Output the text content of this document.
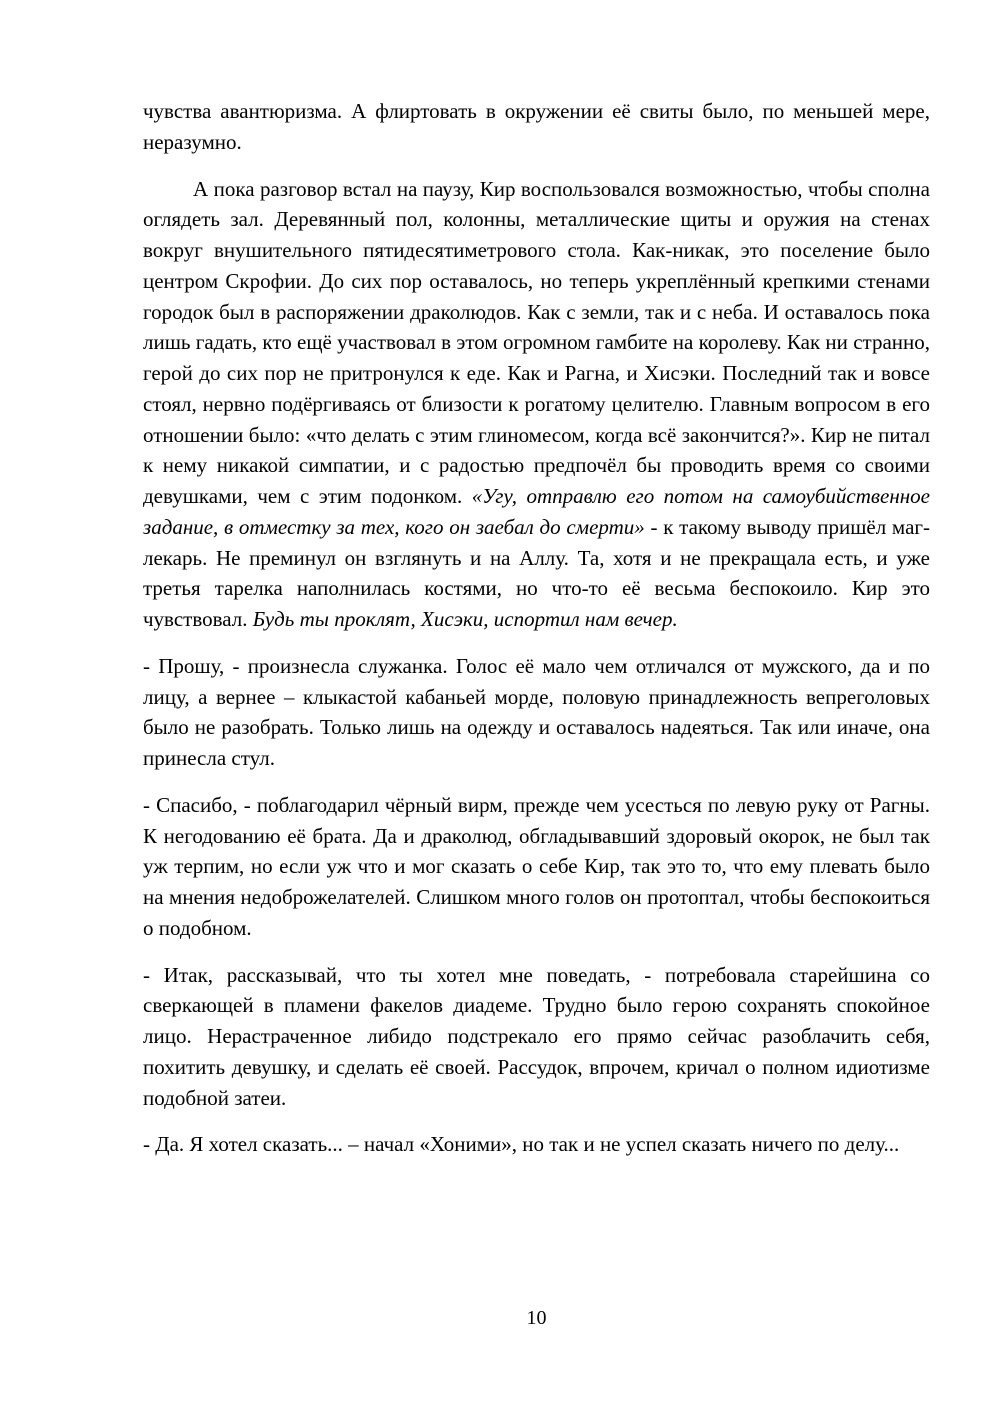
чувства авантюризма. А флиртовать в окружении её свиты было, по меньшей мере, неразумно.

А пока разговор встал на паузу, Кир воспользовался возможностью, чтобы сполна оглядеть зал. Деревянный пол, колонны, металлические щиты и оружия на стенах вокруг внушительного пятидесятиметрового стола. Как-никак, это поселение было центром Скрофии. До сих пор оставалось, но теперь укреплённый крепкими стенами городок был в распоряжении драколюдов. Как с земли, так и с неба. И оставалось пока лишь гадать, кто ещё участвовал в этом огромном гамбите на королеву. Как ни странно, герой до сих пор не притронулся к еде. Как и Рагна, и Хисэки. Последний так и вовсе стоял, нервно подёргиваясь от близости к рогатому целителю. Главным вопросом в его отношении было: «что делать с этим глиномесом, когда всё закончится?». Кир не питал к нему никакой симпатии, и с радостью предпочёл бы проводить время со своими девушками, чем с этим подонком. «Угу, отправлю его потом на самоубийственное задание, в отместку за тех, кого он заебал до смерти» - к такому выводу пришёл маг-лекарь. Не преминул он взглянуть и на Аллу. Та, хотя и не прекращала есть, и уже третья тарелка наполнилась костями, но что-то её весьма беспокоило. Кир это чувствовал. Будь ты проклят, Хисэки, испортил нам вечер.

- Прошу, - произнесла служанка. Голос её мало чем отличался от мужского, да и по лицу, а вернее – клыкастой кабаньей морде, половую принадлежность вепреголовых было не разобрать. Только лишь на одежду и оставалось надеяться. Так или иначе, она принесла стул.

- Спасибо, - поблагодарил чёрный вирм, прежде чем усесться по левую руку от Рагны. К негодованию её брата. Да и драколюд, обгладывавший здоровый окорок, не был так уж терпим, но если уж что и мог сказать о себе Кир, так это то, что ему плевать было на мнения недоброжелателей. Слишком много голов он протоптал, чтобы беспокоиться о подобном.

- Итак, рассказывай, что ты хотел мне поведать, - потребовала старейшина со сверкающей в пламени факелов диадеме. Трудно было герою сохранять спокойное лицо. Нерастраченное либидо подстрекало его прямо сейчас разоблачить себя, похитить девушку, и сделать её своей. Рассудок, впрочем, кричал о полном идиотизме подобной затеи.

- Да. Я хотел сказать... – начал «Хоними», но так и не успел сказать ничего по делу...

10
